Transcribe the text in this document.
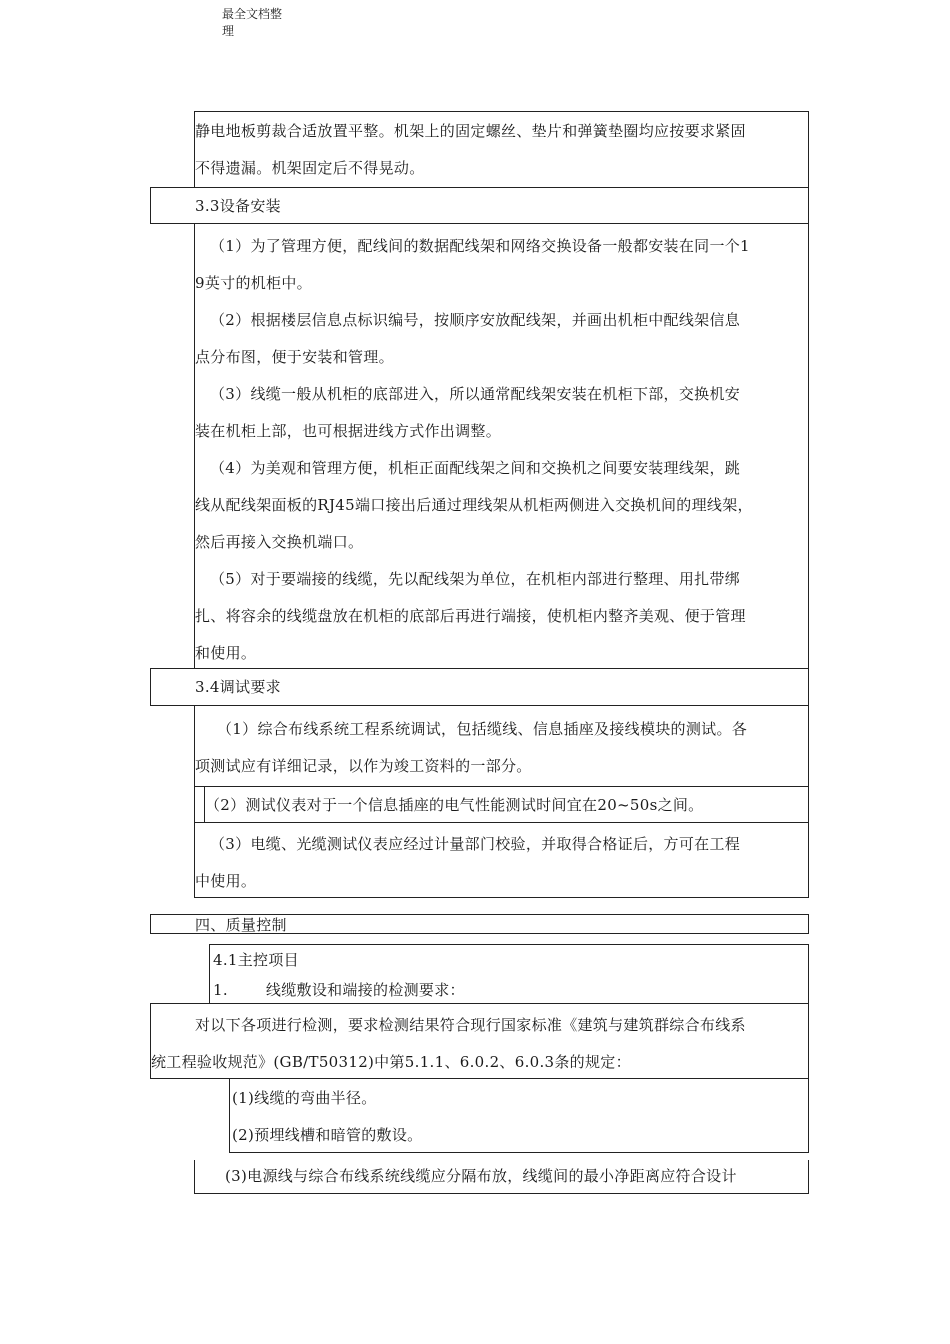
最全文档整
理

静电地板剪裁合适放置平整。机架上的固定螺丝、垫片和弹簧垫圈均应按要求紧固

不得遗漏。机架固定后不得晃动。

3.3设备安装

（1）为了管理方便，配线间的数据配线架和网络交换设备一般都安装在同一个1

9英寸的机柜中。

（2）根据楼层信息点标识编号，按顺序安放配线架，并画出机柜中配线架信息

点分布图，便于安装和管理。

（3）线缆一般从机柜的底部进入，所以通常配线架安装在机柜下部，交换机安

装在机柜上部，也可根据进线方式作出调整。

（4）为美观和管理方便，机柜正面配线架之间和交换机之间要安装理线架，跳

线从配线架面板的RJ45端口接出后通过理线架从机柜两侧进入交换机间的理线架，

然后再接入交换机端口。

（5）对于要端接的线缆，先以配线架为单位，在机柜内部进行整理、用扎带绑

扎、将容余的线缆盘放在机柜的底部后再进行端接，使机柜内整齐美观、便于管理

和使用。

3.4调试要求

（1）综合布线系统工程系统调试，包括缆线、信息插座及接线模块的测试。各

项测试应有详细记录，以作为竣工资料的一部分。

（2）测试仪表对于一个信息插座的电气性能测试时间宜在20~50s之间。

（3）电缆、光缆测试仪表应经过计量部门校验，并取得合格证后，方可在工程

中使用。

四、质量控制

4.1主控项目

1.	线缆敷设和端接的检测要求：

对以下各项进行检测，要求检测结果符合现行国家标准《建筑与建筑群综合布线系

统工程验收规范》(GB/T50312)中第5.1.1、6.0.2、6.0.3条的规定：

(1)线缆的弯曲半径。

(2)预埋线槽和暗管的敷设。

(3)电源线与综合布线系统线缆应分隔布放，线缆间的最小净距离应符合设计
